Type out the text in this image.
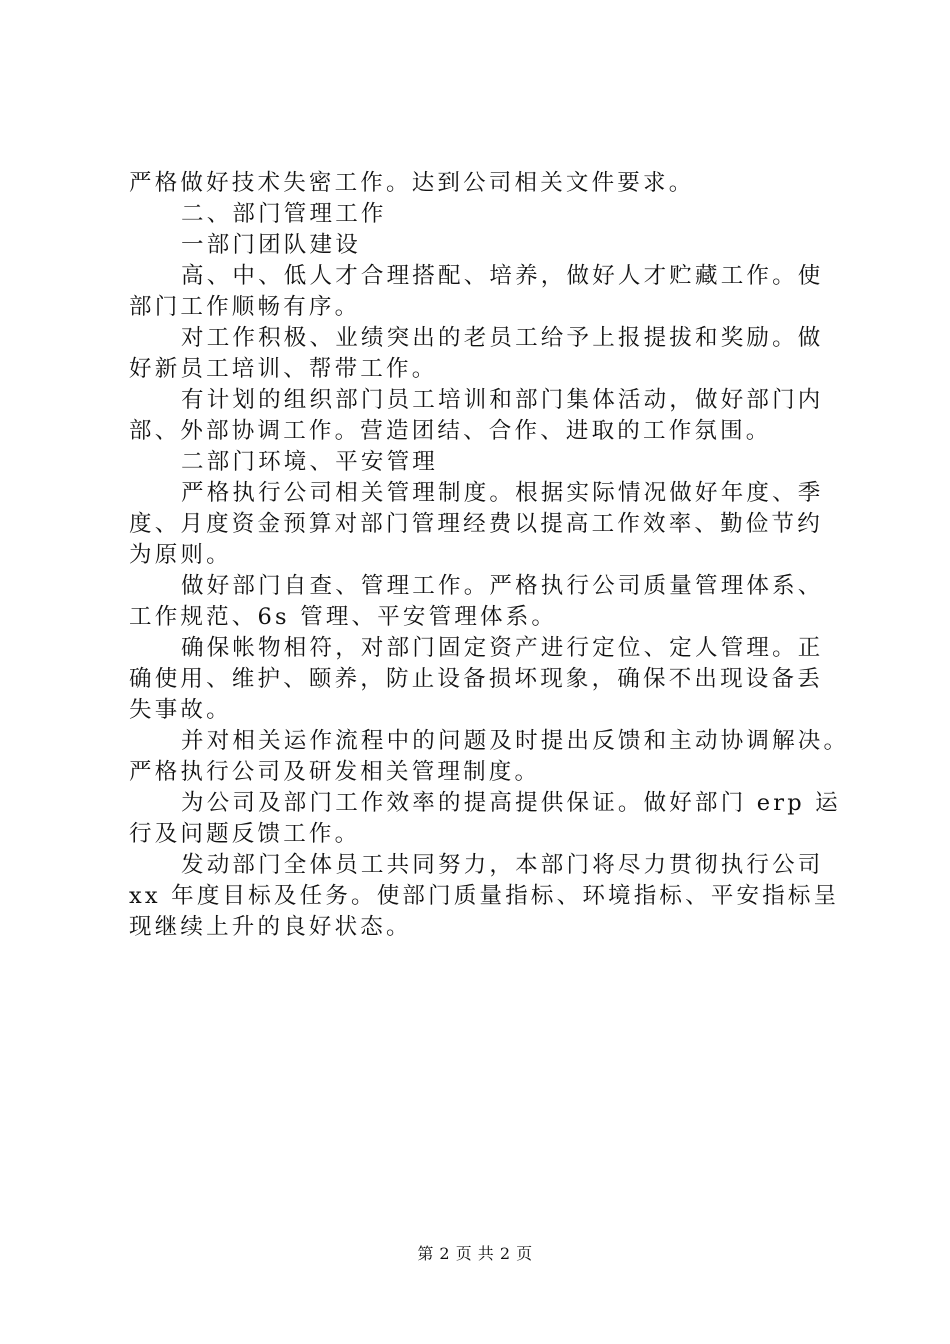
严格做好技术失密工作。达到公司相关文件要求。
二、部门管理工作
一部门团队建设
高、中、低人才合理搭配、培养，做好人才贮藏工作。使
部门工作顺畅有序。
对工作积极、业绩突出的老员工给予上报提拔和奖励。做
好新员工培训、帮带工作。
有计划的组织部门员工培训和部门集体活动，做好部门内
部、外部协调工作。营造团结、合作、进取的工作氛围。
二部门环境、平安管理
严格执行公司相关管理制度。根据实际情况做好年度、季
度、月度资金预算对部门管理经费以提高工作效率、勤俭节约
为原则。
做好部门自查、管理工作。严格执行公司质量管理体系、
工作规范、6s 管理、平安管理体系。
确保帐物相符，对部门固定资产进行定位、定人管理。正
确使用、维护、颐养，防止设备损坏现象，确保不出现设备丢
失事故。
并对相关运作流程中的问题及时提出反馈和主动协调解决。
严格执行公司及研发相关管理制度。
为公司及部门工作效率的提高提供保证。做好部门 erp 运
行及问题反馈工作。
发动部门全体员工共同努力，本部门将尽力贯彻执行公司
xx 年度目标及任务。使部门质量指标、环境指标、平安指标呈
现继续上升的良好状态。
第 2 页 共 2 页
